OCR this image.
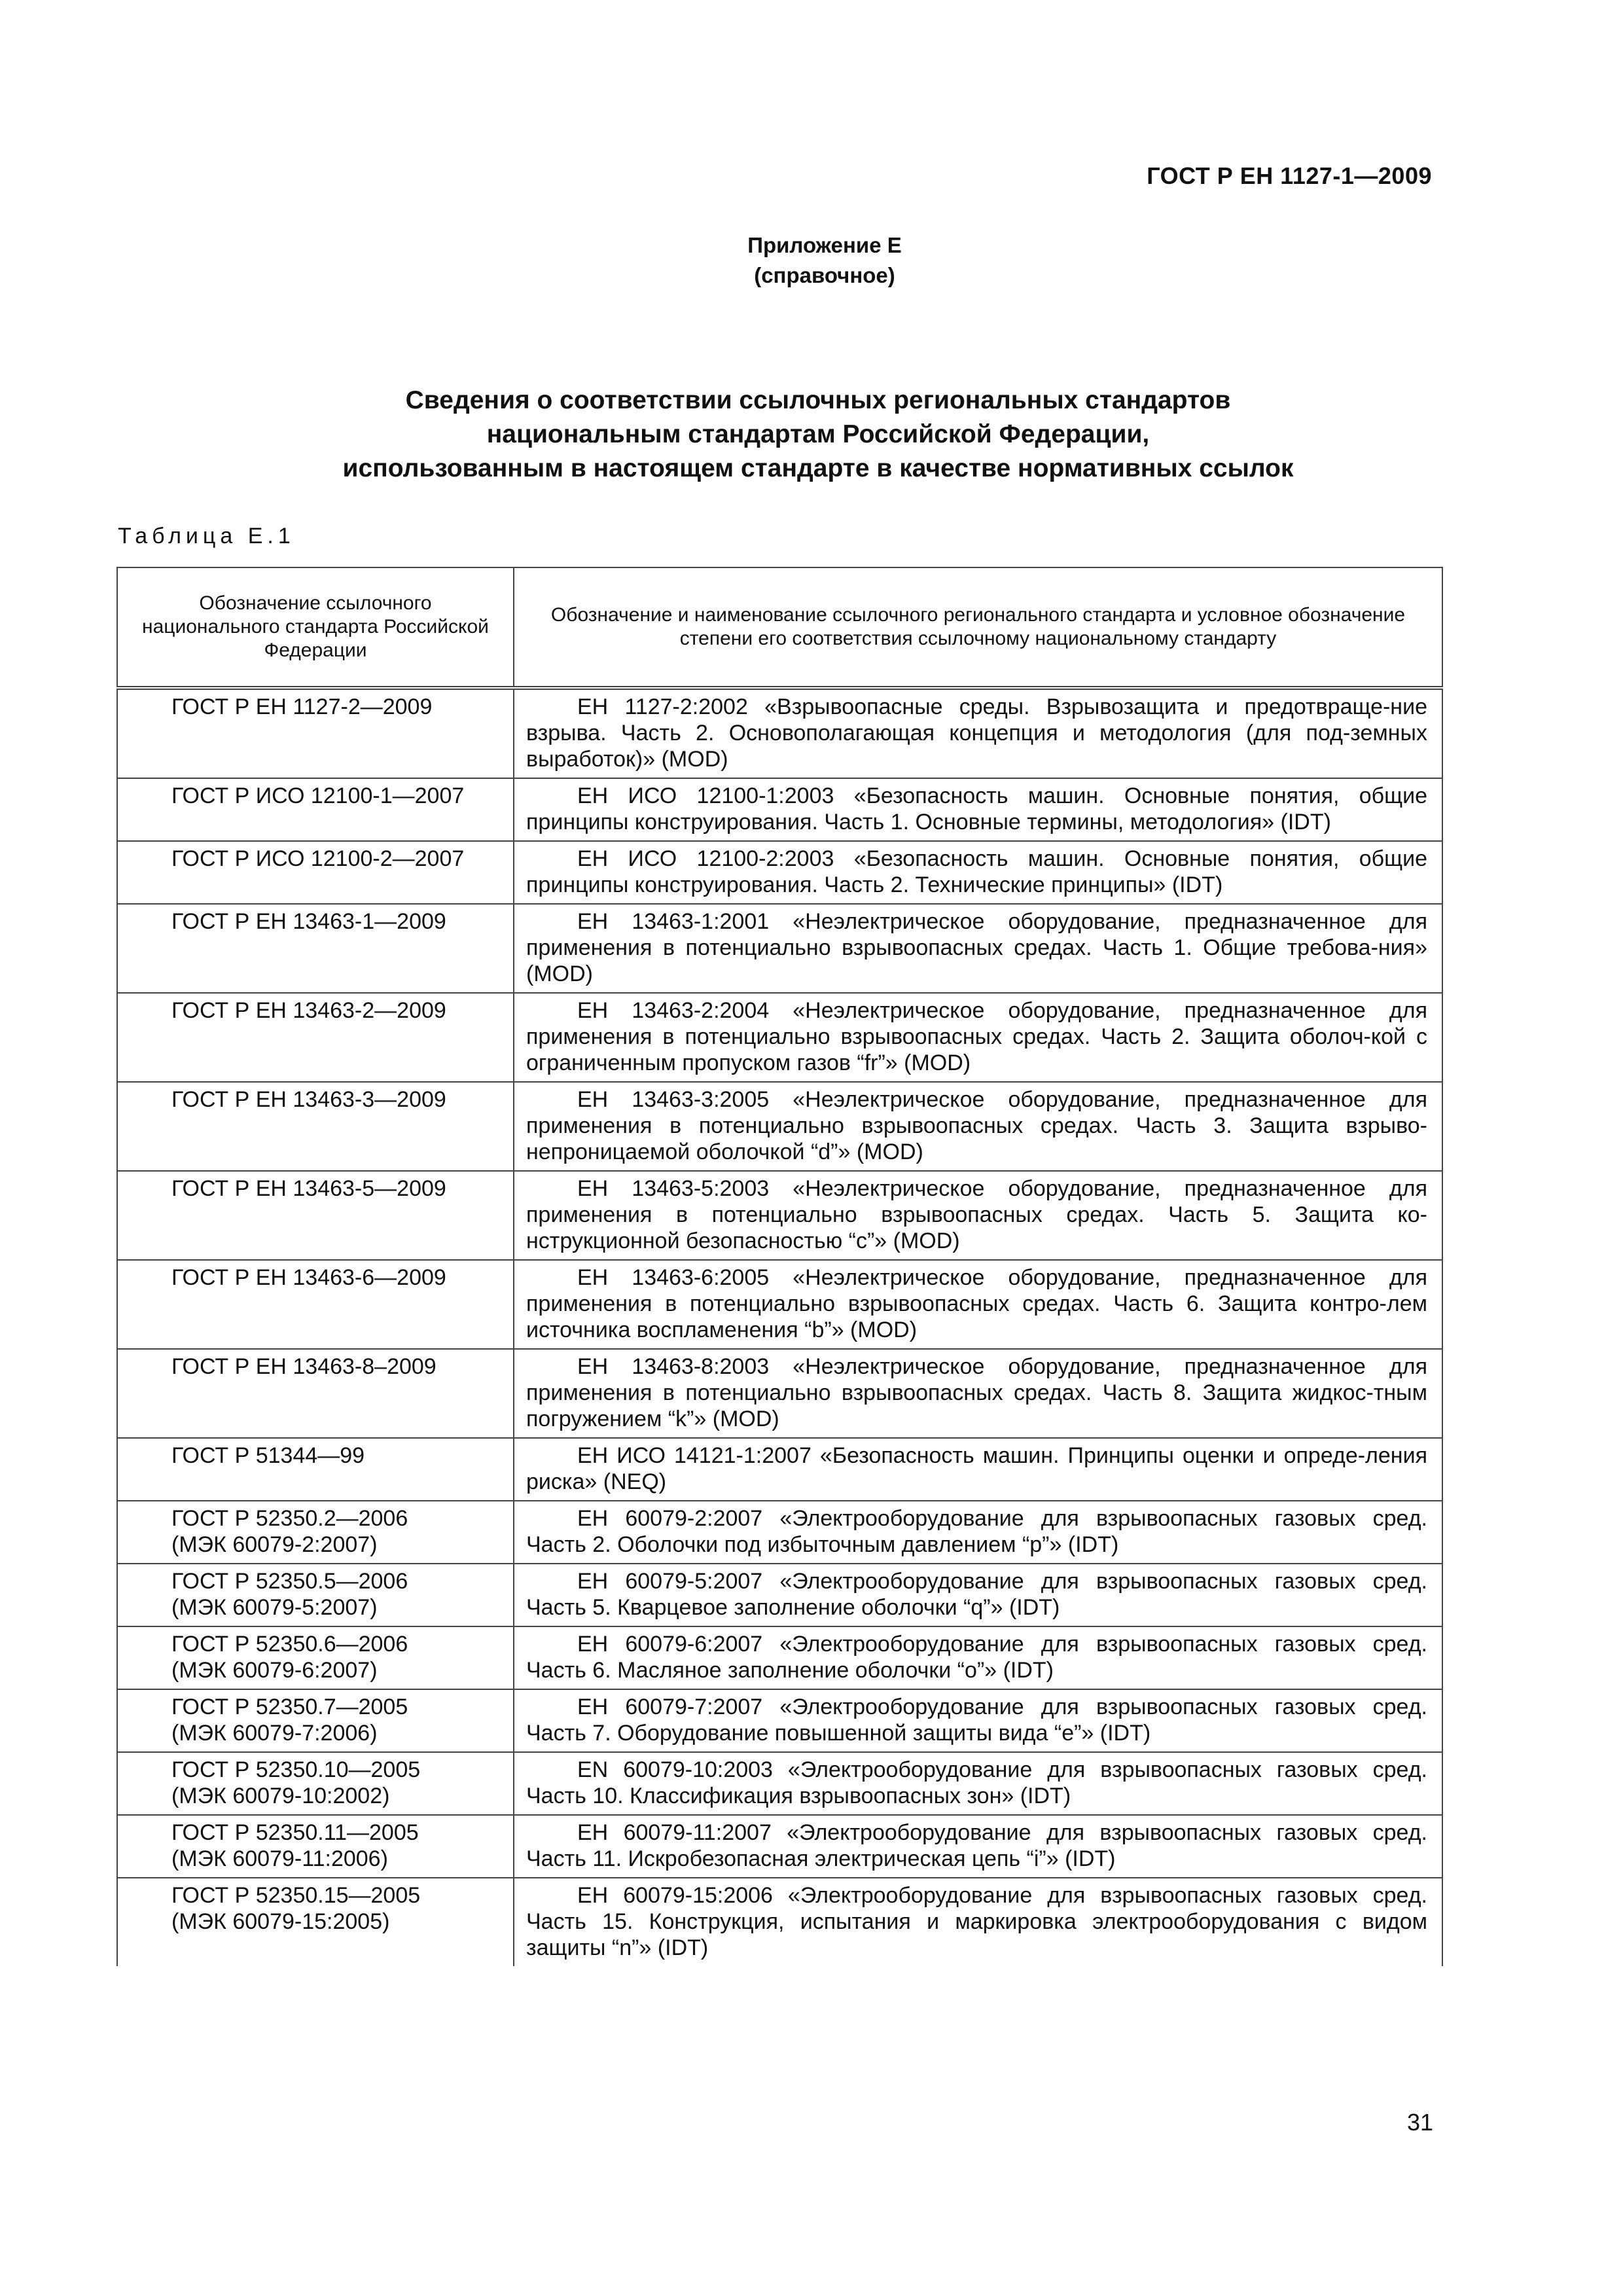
ГОСТ Р ЕН 1127-1—2009
Приложение Е
(справочное)
Сведения о соответствии ссылочных региональных стандартов
национальным стандартам Российской Федерации,
использованным в настоящем стандарте в качестве нормативных ссылок
Таблица Е.1
Обозначение ссылочного национального стандарта Российской Федерации	Обозначение и наименование ссылочного регионального стандарта и условное обозначение степени его соответствия ссылочному национальному стандарту

ГОСТ Р ЕН 1127-2—2009	ЕН 1127-2:2002 «Взрывоопасные среды. Взрывозащита и предотвраще-ние взрыва. Часть 2. Основополагающая концепция и методология (для под-земных выработок)» (MOD)

ГОСТ Р ИСО 12100-1—2007	ЕН ИСО 12100-1:2003 «Безопасность машин. Основные понятия, общие принципы конструирования. Часть 1. Основные термины, методология» (IDT)

ГОСТ Р ИСО 12100-2—2007	ЕН ИСО 12100-2:2003 «Безопасность машин. Основные понятия, общие принципы конструирования. Часть 2. Технические принципы» (IDT)

ГОСТ Р ЕН 13463-1—2009	ЕН 13463-1:2001 «Неэлектрическое оборудование, предназначенное для применения в потенциально взрывоопасных средах. Часть 1. Общие требова-ния» (MOD)

ГОСТ Р ЕН 13463-2—2009	ЕН 13463-2:2004 «Неэлектрическое оборудование, предназначенное для применения в потенциально взрывоопасных средах. Часть 2. Защита оболоч-кой с ограниченным пропуском газов “fr”» (MOD)

ГОСТ Р ЕН 13463-3—2009	ЕН 13463-3:2005 «Неэлектрическое оборудование, предназначенное для применения в потенциально взрывоопасных средах. Часть 3. Защита взрыво-непроницаемой оболочкой “d”» (MOD)

ГОСТ Р ЕН 13463-5—2009	ЕН 13463-5:2003 «Неэлектрическое оборудование, предназначенное для применения в потенциально взрывоопасных средах. Часть 5. Защита ко-нструкционной безопасностью “c”» (MOD)

ГОСТ Р ЕН 13463-6—2009	ЕН 13463-6:2005 «Неэлектрическое оборудование, предназначенное для применения в потенциально взрывоопасных средах. Часть 6. Защита контро-лем источника воспламенения “b”» (MOD)

ГОСТ Р ЕН 13463-8–2009	ЕН 13463-8:2003 «Неэлектрическое оборудование, предназначенное для применения в потенциально взрывоопасных средах. Часть 8. Защита жидкос-тным погружением “k”» (MOD)

ГОСТ Р 51344—99	ЕН ИСО 14121-1:2007 «Безопасность машин. Принципы оценки и опреде-ления риска» (NEQ)

ГОСТ Р 52350.2—2006
(МЭК 60079-2:2007)	ЕН 60079-2:2007 «Электрооборудование для взрывоопасных газовых сред. Часть 2. Оболочки под избыточным давлением “p”» (IDT)

ГОСТ Р 52350.5—2006
(МЭК 60079-5:2007)	ЕН 60079-5:2007 «Электрооборудование для взрывоопасных газовых сред. Часть 5. Кварцевое заполнение оболочки “q”» (IDT)

ГОСТ Р 52350.6—2006
(МЭК 60079-6:2007)	ЕН 60079-6:2007 «Электрооборудование для взрывоопасных газовых сред. Часть 6. Масляное заполнение оболочки “o”» (IDT)

ГОСТ Р 52350.7—2005
(МЭК 60079-7:2006)	ЕН 60079-7:2007 «Электрооборудование для взрывоопасных газовых сред. Часть 7. Оборудование повышенной защиты вида “e”» (IDT)

ГОСТ Р 52350.10—2005
(МЭК 60079-10:2002)	EN 60079-10:2003 «Электрооборудование для взрывоопасных газовых сред. Часть 10. Классификация взрывоопасных зон» (IDT)

ГОСТ Р 52350.11—2005
(МЭК 60079-11:2006)	ЕН 60079-11:2007 «Электрооборудование для взрывоопасных газовых сред. Часть 11. Искробезопасная электрическая цепь “i”» (IDT)

ГОСТ Р 52350.15—2005
(МЭК 60079-15:2005)	ЕН 60079-15:2006 «Электрооборудование для взрывоопасных газовых сред. Часть 15. Конструкция, испытания и маркировка электрооборудования с видом защиты “n”» (IDT)
31
